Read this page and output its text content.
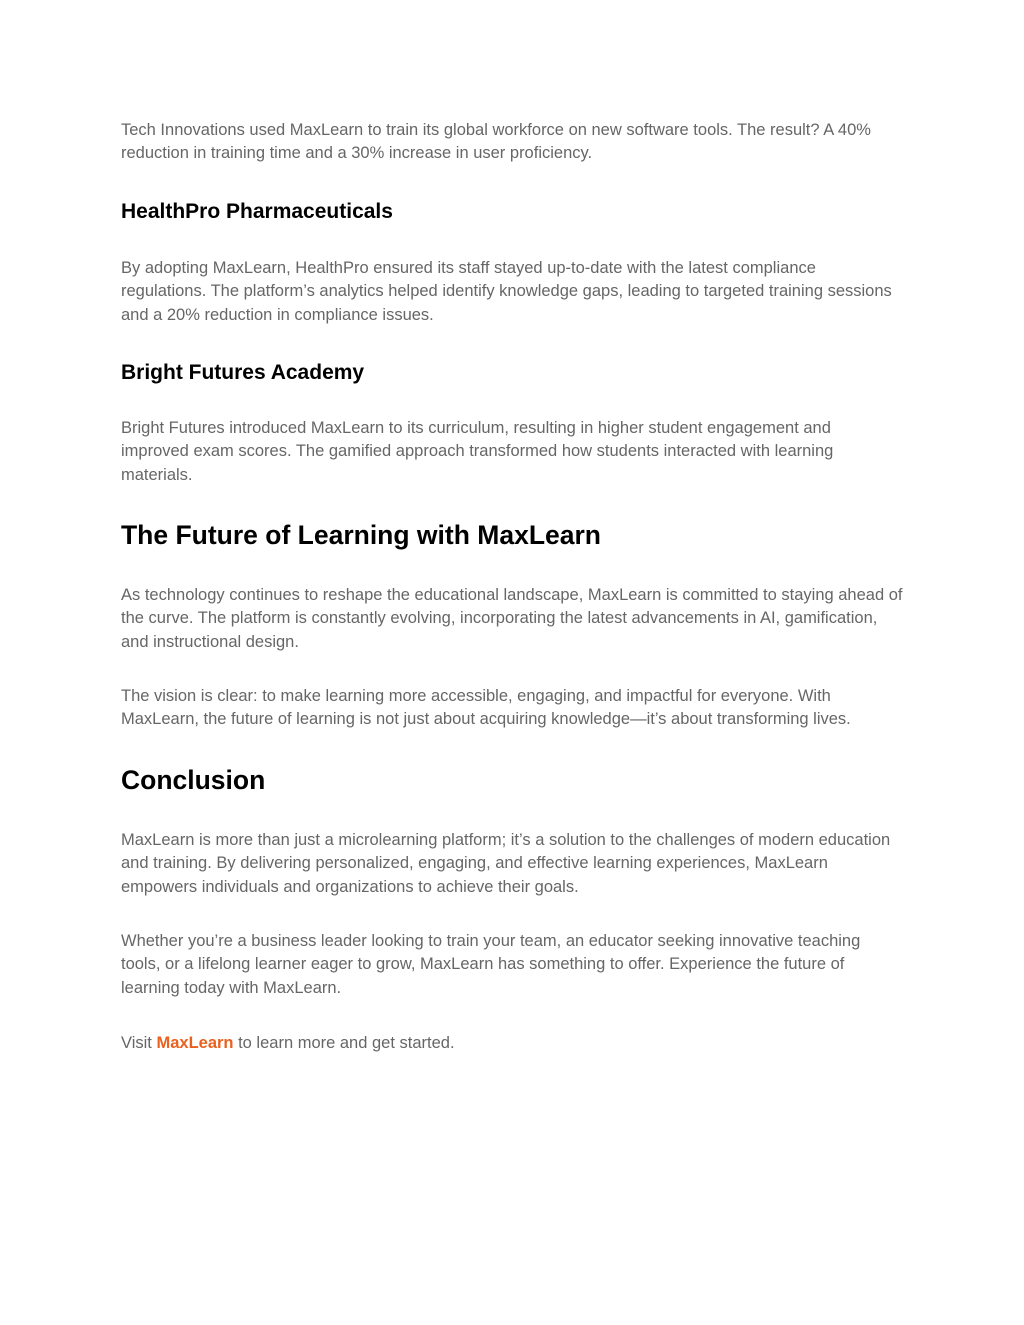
Tech Innovations used MaxLearn to train its global workforce on new software tools. The result? A 40% reduction in training time and a 30% increase in user proficiency.

HealthPro Pharmaceuticals

By adopting MaxLearn, HealthPro ensured its staff stayed up-to-date with the latest compliance regulations. The platform’s analytics helped identify knowledge gaps, leading to targeted training sessions and a 20% reduction in compliance issues.

Bright Futures Academy

Bright Futures introduced MaxLearn to its curriculum, resulting in higher student engagement and improved exam scores. The gamified approach transformed how students interacted with learning materials.

The Future of Learning with MaxLearn

As technology continues to reshape the educational landscape, MaxLearn is committed to staying ahead of the curve. The platform is constantly evolving, incorporating the latest advancements in AI, gamification, and instructional design.

The vision is clear: to make learning more accessible, engaging, and impactful for everyone. With MaxLearn, the future of learning is not just about acquiring knowledge—it’s about transforming lives.

Conclusion

MaxLearn is more than just a microlearning platform; it’s a solution to the challenges of modern education and training. By delivering personalized, engaging, and effective learning experiences, MaxLearn empowers individuals and organizations to achieve their goals.

Whether you’re a business leader looking to train your team, an educator seeking innovative teaching tools, or a lifelong learner eager to grow, MaxLearn has something to offer. Experience the future of learning today with MaxLearn.

Visit MaxLearn to learn more and get started.
